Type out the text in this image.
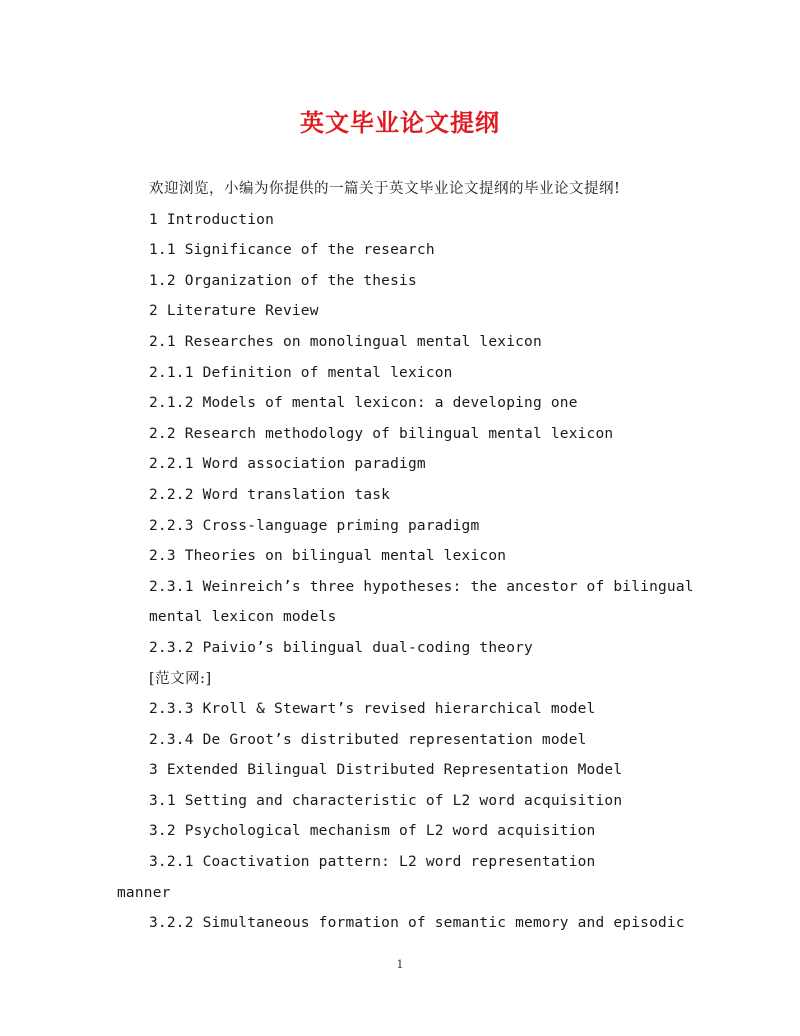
英文毕业论文提纲
欢迎浏览，小编为你提供的一篇关于英文毕业论文提纲的毕业论文提纲!
1 Introduction
1.1 Significance of the research
1.2 Organization of the thesis
2 Literature Review
2.1 Researches on monolingual mental lexicon
2.1.1 Definition of mental lexicon
2.1.2 Models of mental lexicon: a developing one
2.2 Research methodology of bilingual mental lexicon
2.2.1 Word association paradigm
2.2.2 Word translation task
2.2.3 Cross-language priming paradigm
2.3 Theories on bilingual mental lexicon
2.3.1 Weinreich’s three hypotheses: the ancestor of bilingual
mental lexicon models
2.3.2 Paivio’s bilingual dual-coding theory
[范文网:]
2.3.3 Kroll & Stewart’s revised hierarchical model
2.3.4 De Groot’s distributed representation model
3 Extended Bilingual Distributed Representation Model
3.1 Setting and characteristic of L2 word acquisition
3.2 Psychological mechanism of L2 word acquisition
3.2.1 Coactivation pattern: L2 word representation
manner
3.2.2 Simultaneous formation of semantic memory and episodic
1
